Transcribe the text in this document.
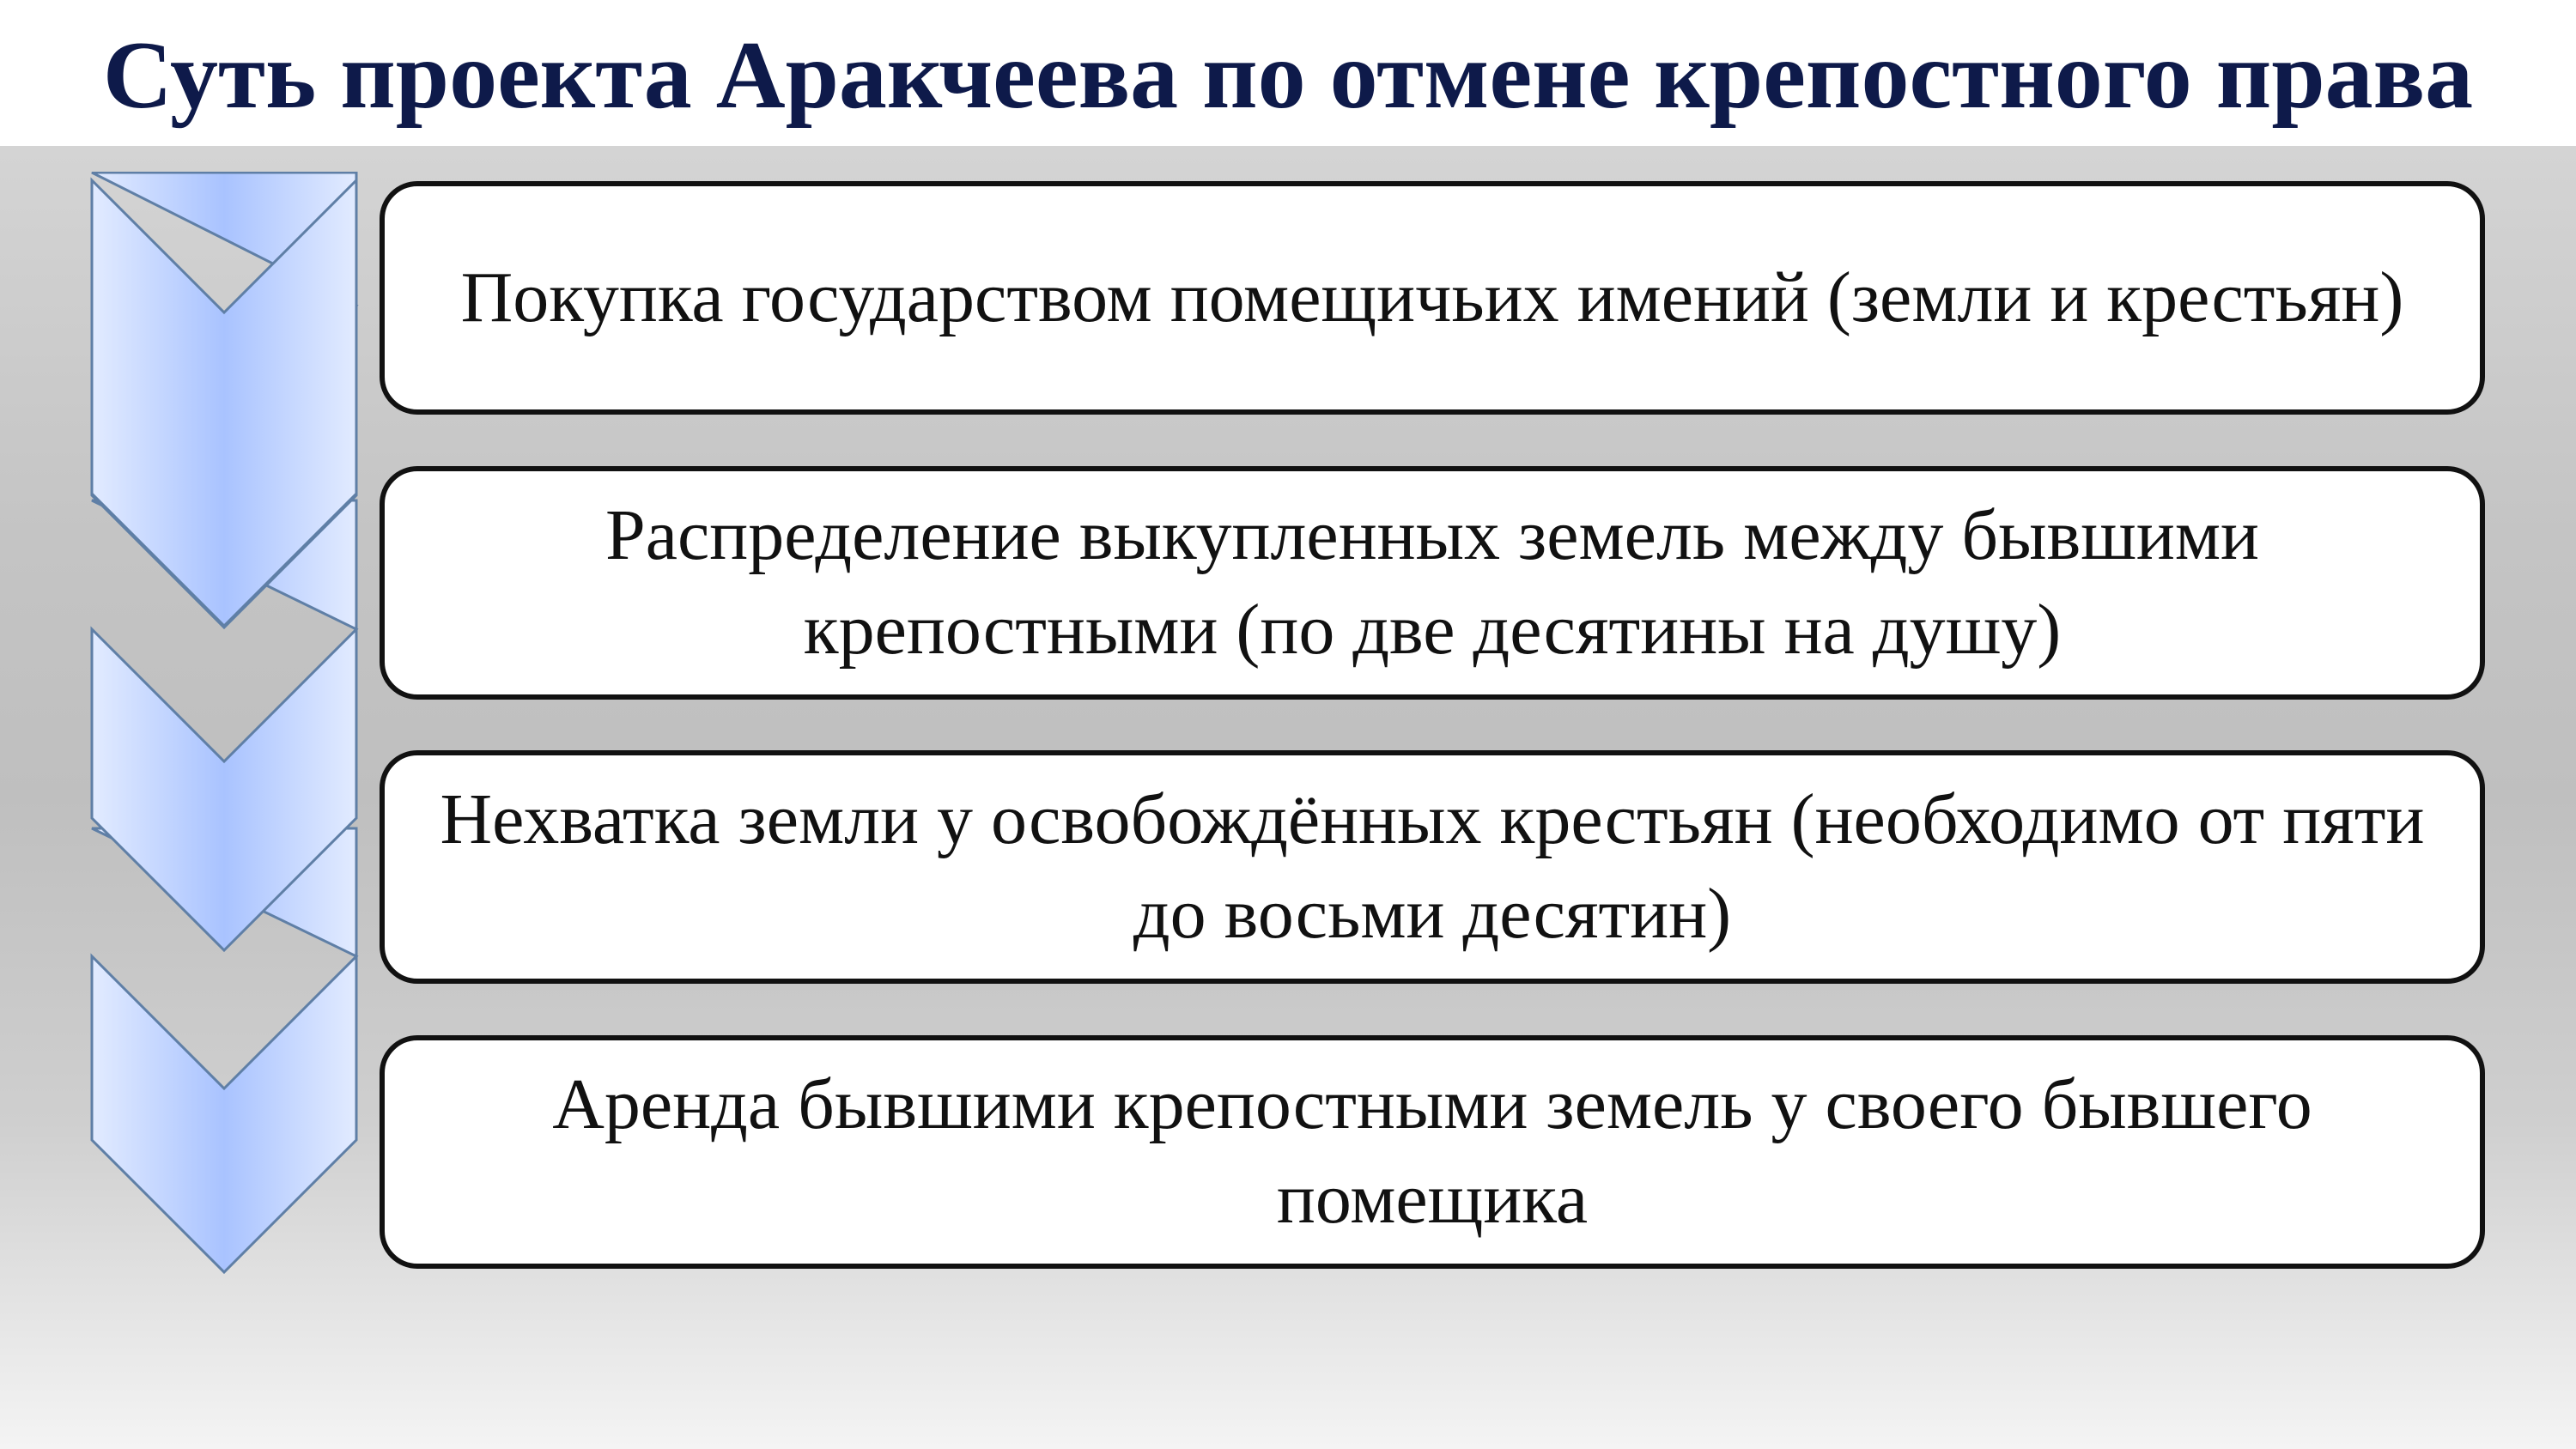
Суть проекта Аракчеева по отмене крепостного права
Покупка государством помещичьих имений (земли и крестьян)
Распределение выкупленных земель между бывшими крепостными (по две десятины на душу)
Нехватка земли у освобождённых крестьян (необходимо от пяти до восьми десятин)
Аренда бывшими крепостными земель у своего бывшего помещика
